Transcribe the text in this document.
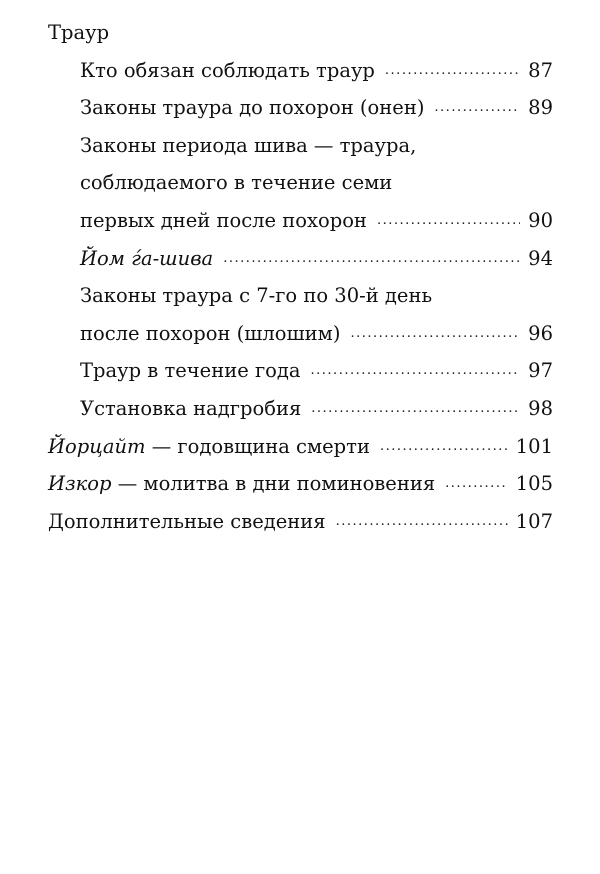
Траур
Кто обязан соблюдать траур .....	87
Законы траура до похорон (онен) .....	89
Законы периода шива — траура,
соблюдаемого в течение семи
первых дней после похорон .....	90
Йом ѓа-шива .....	94
Законы траура с 7-го по 30-й день
после похорон (шлошим) .....	96
Траур в течение года .....	97
Установка надгробия .....	98
Йорцайт — годовщина смерти .....	101
Изкор — молитва в дни поминовения .....	105
Дополнительные сведения .....	107
